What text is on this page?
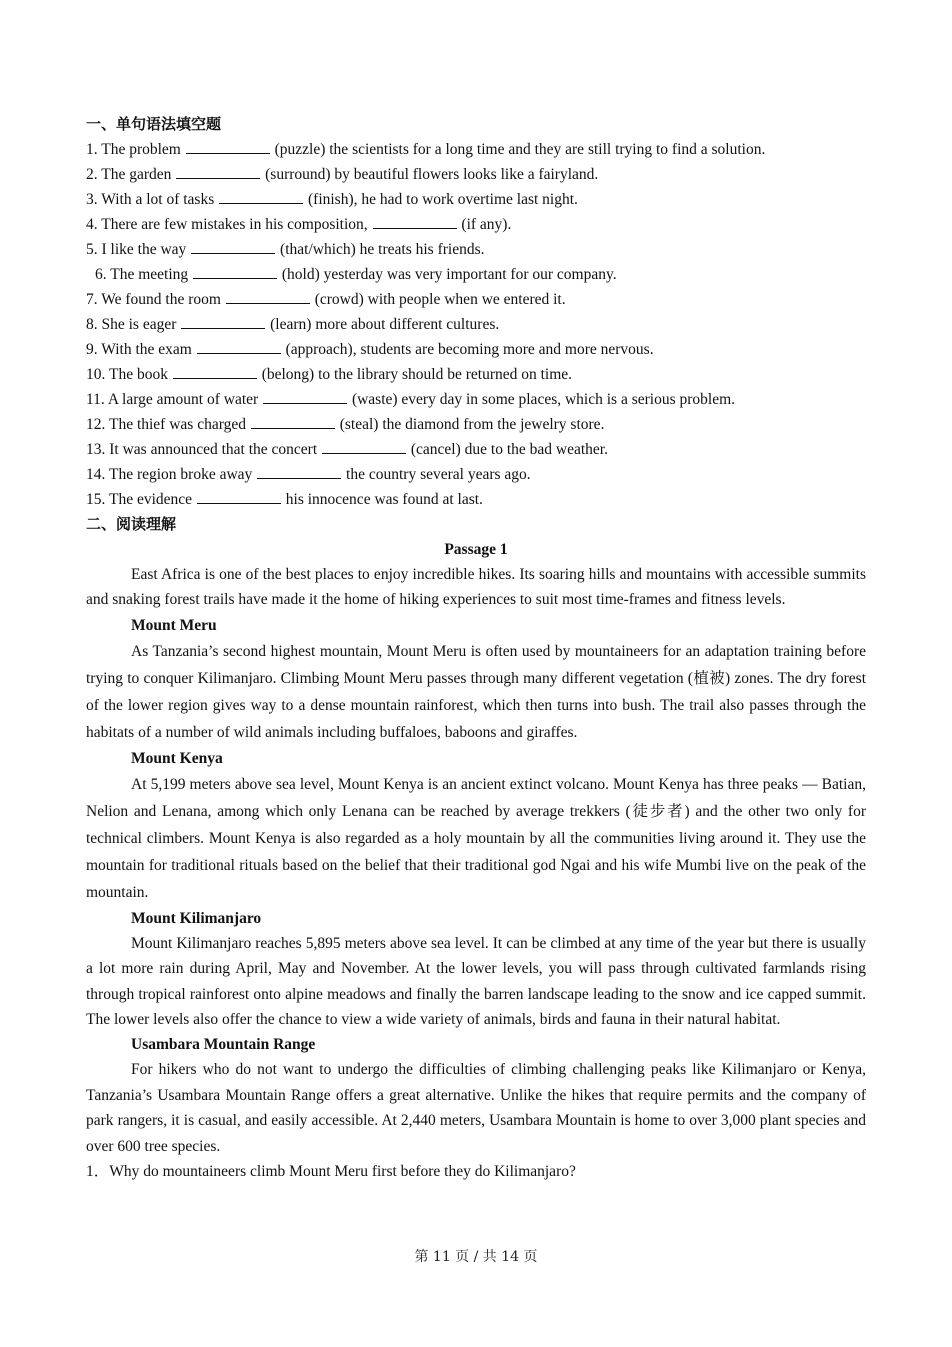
一、单句语法填空题
1. The problem	(puzzle) the scientists for a long time and they are still trying to find a solution.
2. The garden	(surround) by beautiful flowers looks like a fairyland.
3. With a lot of tasks	(finish), he had to work overtime last night.
4. There are few mistakes in his composition,	(if any).
5. I like the way	(that/which) he treats his friends.
6. The meeting	(hold) yesterday was very important for our company.
7. We found the room	(crowd) with people when we entered it.
8. She is eager	(learn) more about different cultures.
9. With the exam	(approach), students are becoming more and more nervous.
10. The book	(belong) to the library should be returned on time.
11. A large amount of water	(waste) every day in some places, which is a serious problem.
12. The thief was charged	(steal) the diamond from the jewelry store.
13. It was announced that the concert	(cancel) due to the bad weather.
14. The region broke away	the country several years ago.
15. The evidence	his innocence was found at last.
二、阅读理解
Passage 1

East Africa is one of the best places to enjoy incredible hikes. Its soaring hills and mountains with accessible summits and snaking forest trails have made it the home of hiking experiences to suit most time-frames and fitness levels.

Mount Meru

As Tanzania’s second highest mountain, Mount Meru is often used by mountaineers for an adaptation training before trying to conquer Kilimanjaro. Climbing Mount Meru passes through many different vegetation (植被) zones. The dry forest of the lower region gives way to a dense mountain rainforest, which then turns into bush. The trail also passes through the habitats of a number of wild animals including buffaloes, baboons and giraffes.

Mount Kenya

At 5,199 meters above sea level, Mount Kenya is an ancient extinct volcano. Mount Kenya has three peaks — Batian, Nelion and Lenana, among which only Lenana can be reached by average trekkers (徒步者) and the other two only for technical climbers. Mount Kenya is also regarded as a holy mountain by all the communities living around it. They use the mountain for traditional rituals based on the belief that their traditional god Ngai and his wife Mumbi live on the peak of the mountain.

Mount Kilimanjaro

Mount Kilimanjaro reaches 5,895 meters above sea level. It can be climbed at any time of the year but there is usually a lot more rain during April, May and November. At the lower levels, you will pass through cultivated farmlands rising through tropical rainforest onto alpine meadows and finally the barren landscape leading to the snow and ice capped summit. The lower levels also offer the chance to view a wide variety of animals, birds and fauna in their natural habitat.

Usambara Mountain Range

For hikers who do not want to undergo the difficulties of climbing challenging peaks like Kilimanjaro or Kenya, Tanzania’s Usambara Mountain Range offers a great alternative. Unlike the hikes that require permits and the company of park rangers, it is casual, and easily accessible. At 2,440 meters, Usambara Mountain is home to over 3,000 plant species and over 600 tree species.

1．Why do mountaineers climb Mount Meru first before they do Kilimanjaro?
第 11 页 / 共 14 页
